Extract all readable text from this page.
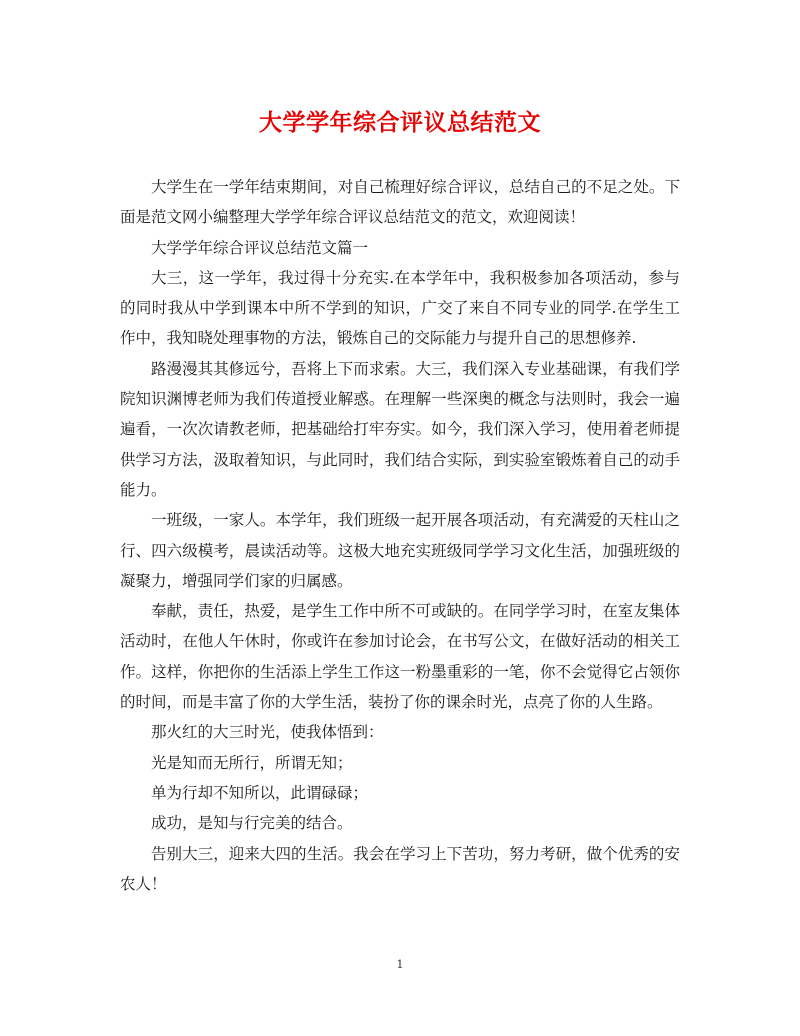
大学学年综合评议总结范文

大学生在一学年结束期间，对自己梳理好综合评议，总结自己的不足之处。下面是范文网小编整理大学学年综合评议总结范文的范文，欢迎阅读！

大学学年综合评议总结范文篇一

大三，这一学年，我过得十分充实.在本学年中，我积极参加各项活动，参与的同时我从中学到课本中所不学到的知识，广交了来自不同专业的同学.在学生工作中，我知晓处理事物的方法，锻炼自己的交际能力与提升自己的思想修养.

路漫漫其其修远兮，吾将上下而求索。大三，我们深入专业基础课，有我们学院知识渊博老师为我们传道授业解惑。在理解一些深奥的概念与法则时，我会一遍遍看，一次次请教老师，把基础给打牢夯实。如今，我们深入学习，使用着老师提供学习方法，汲取着知识，与此同时，我们结合实际，到实验室锻炼着自己的动手能力。

一班级，一家人。本学年，我们班级一起开展各项活动，有充满爱的天柱山之行、四六级模考，晨读活动等。这极大地充实班级同学学习文化生活，加强班级的凝聚力，增强同学们家的归属感。

奉献，责任，热爱，是学生工作中所不可或缺的。在同学学习时，在室友集体活动时，在他人午休时，你或许在参加讨论会，在书写公文，在做好活动的相关工作。这样，你把你的生活添上学生工作这一粉墨重彩的一笔，你不会觉得它占领你的时间，而是丰富了你的大学生活，装扮了你的课余时光，点亮了你的人生路。

那火红的大三时光，使我体悟到：

光是知而无所行，所谓无知；

单为行却不知所以，此谓碌碌；

成功，是知与行完美的结合。

告别大三，迎来大四的生活。我会在学习上下苦功，努力考研，做个优秀的安农人！

1
